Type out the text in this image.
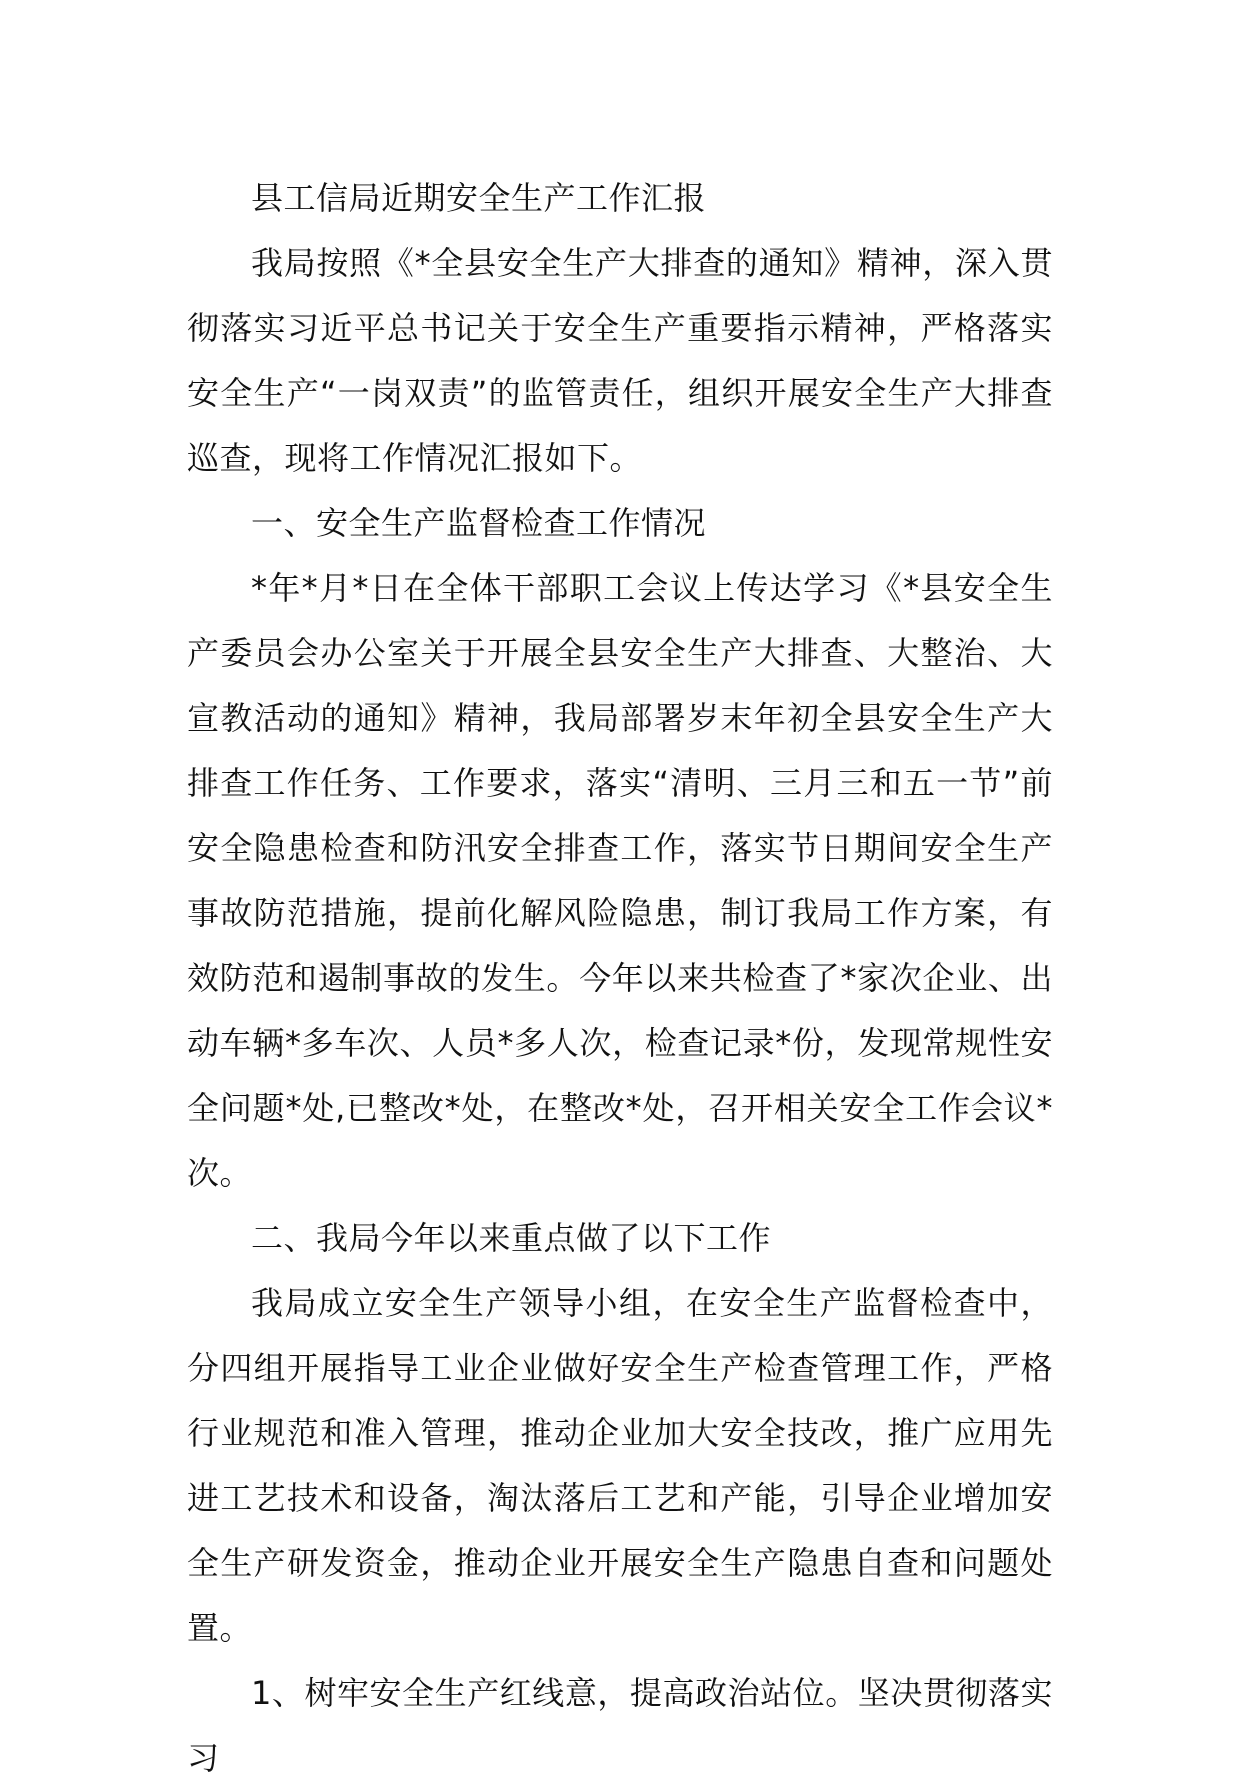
县工信局近期安全生产工作汇报

我局按照《*全县安全生产大排查的通知》精神，深入贯彻落实习近平总书记关于安全生产重要指示精神，严格落实安全生产“一岗双责”的监管责任，组织开展安全生产大排查巡查，现将工作情况汇报如下。

一、安全生产监督检查工作情况

*年*月*日在全体干部职工会议上传达学习《*县安全生产委员会办公室关于开展全县安全生产大排查、大整治、大宣教活动的通知》精神，我局部署岁末年初全县安全生产大排查工作任务、工作要求，落实“清明、三月三和五一节”前安全隐患检查和防汛安全排查工作，落实节日期间安全生产事故防范措施，提前化解风险隐患，制订我局工作方案，有效防范和遏制事故的发生。今年以来共检查了*家次企业、出动车辆*多车次、人员*多人次，检查记录*份，发现常规性安全问题*处,已整改*处，在整改*处，召开相关安全工作会议*次。

二、我局今年以来重点做了以下工作

我局成立安全生产领导小组，在安全生产监督检查中，分四组开展指导工业企业做好安全生产检查管理工作，严格行业规范和准入管理，推动企业加大安全技改，推广应用先进工艺技术和设备，淘汰落后工艺和产能，引导企业增加安全生产研发资金，推动企业开展安全生产隐患自查和问题处置。

1、树牢安全生产红线意，提高政治站位。坚决贯彻落实习
